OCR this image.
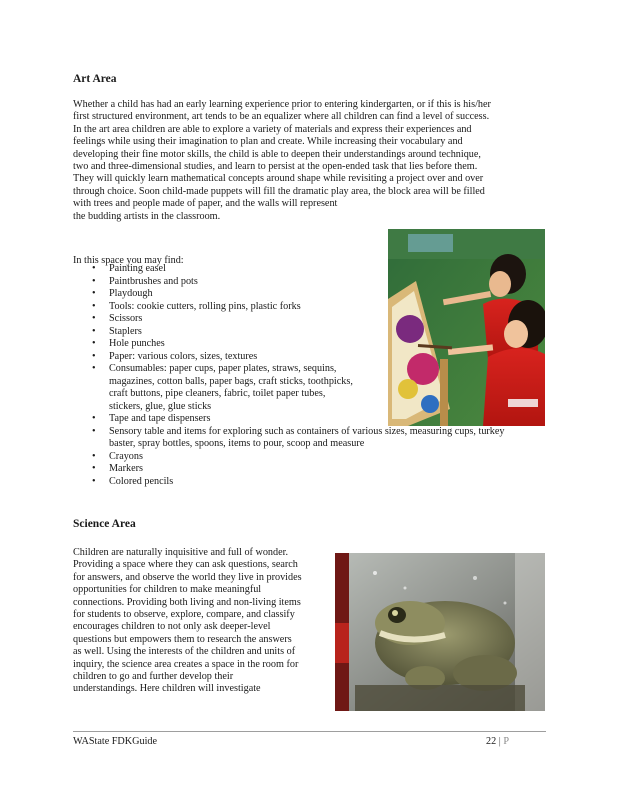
Art Area
Whether a child has had an early learning experience prior to entering kindergarten, or if this is his/her
first structured environment, art tends to be an equalizer where all children can find a level of success.
In the art area children are able to explore a variety of materials and express their experiences and
feelings while using their imagination to plan and create. While increasing their vocabulary and
developing their fine motor skills, the child is able to deepen their understandings around technique,
two and three‐dimensional studies, and learn to persist at the open‐ended task that lies before them.
They will quickly learn mathematical concepts around shape while revisiting a project over and over
through choice. Soon child‐made puppets will fill the dramatic play area, the block area will be filled
with trees and people made of paper, and the walls will represent
the budding artists in the classroom.
In this space you may find:
• Painting easel
• Paintbrushes and pots
• Playdough
• Tools: cookie cutters, rolling pins, plastic forks
• Scissors
• Staplers
• Hole punches
• Paper: various colors, sizes, textures
• Consumables: paper cups, paper plates, straws, sequins,
magazines, cotton balls, paper bags, craft sticks, toothpicks,
craft buttons, pipe cleaners, fabric, toilet paper tubes,
stickers, glue, glue sticks
• Tape and tape dispensers
• Sensory table and items for exploring such as containers of various sizes, measuring cups, turkey
baster, spray bottles, spoons, items to pour, scoop and measure
• Crayons
• Markers
• Colored pencils
Science Area
Children are naturally inquisitive and full of wonder.
Providing a space where they can ask questions, search
for answers, and observe the world they live in provides
opportunities for children to make meaningful
connections. Providing both living and non‐living items
for students to observe, explore, compare, and classify
encourages children to not only ask deeper‐level
questions but empowers them to research the answers
as well. Using the interests of the children and units of
inquiry, the science area creates a space in the room for
children to go and further develop their
understandings. Here children will investigate
WAState FDKGuide	22 | P
